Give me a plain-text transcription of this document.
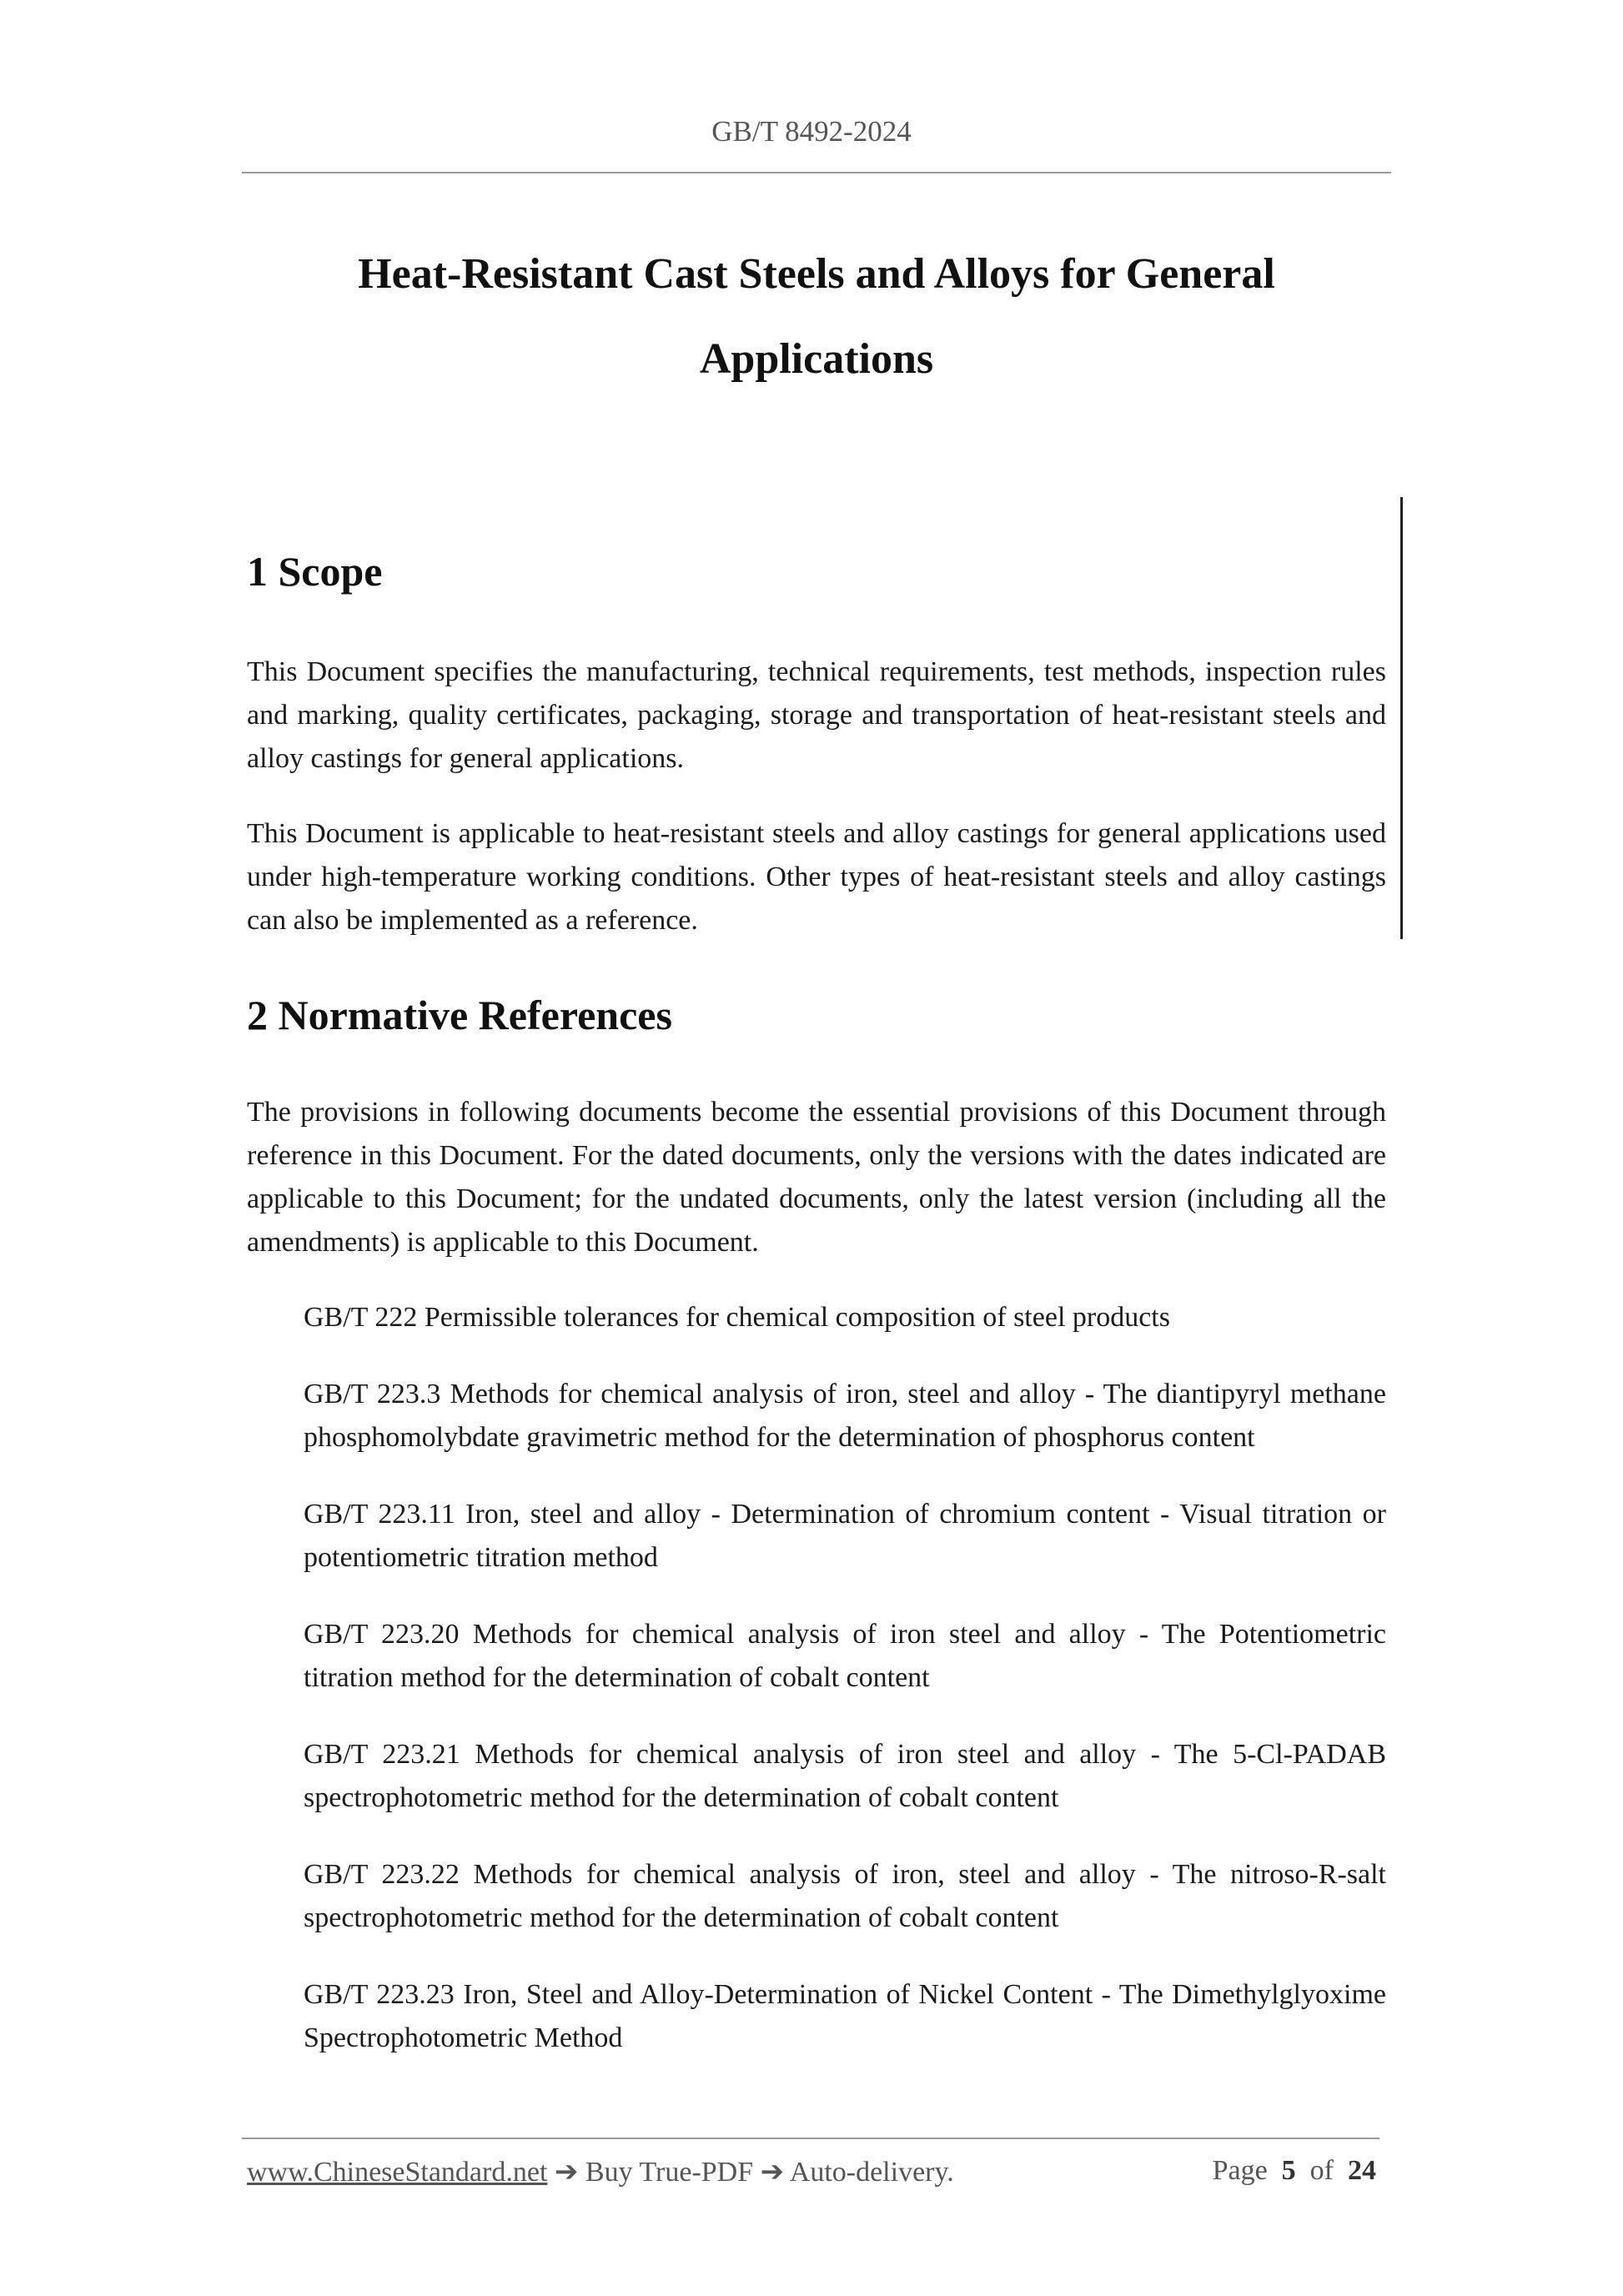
GB/T 8492-2024
Heat-Resistant Cast Steels and Alloys for General
Applications
1 Scope

This Document specifies the manufacturing, technical requirements, test methods, inspection rules and marking, quality certificates, packaging, storage and transportation of heat-resistant steels and alloy castings for general applications.

This Document is applicable to heat-resistant steels and alloy castings for general applications used under high-temperature working conditions. Other types of heat-resistant steels and alloy castings can also be implemented as a reference.

2 Normative References

The provisions in following documents become the essential provisions of this Document through reference in this Document. For the dated documents, only the versions with the dates indicated are applicable to this Document; for the undated documents, only the latest version (including all the amendments) is applicable to this Document.

GB/T 222 Permissible tolerances for chemical composition of steel products
GB/T 223.3 Methods for chemical analysis of iron, steel and alloy - The diantipyryl methane phosphomolybdate gravimetric method for the determination of phosphorus content
GB/T 223.11 Iron, steel and alloy - Determination of chromium content - Visual titration or potentiometric titration method
GB/T 223.20 Methods for chemical analysis of iron steel and alloy - The Potentiometric titration method for the determination of cobalt content
GB/T 223.21 Methods for chemical analysis of iron steel and alloy - The 5-Cl-PADAB spectrophotometric method for the determination of cobalt content
GB/T 223.22 Methods for chemical analysis of iron, steel and alloy - The nitroso-R-salt spectrophotometric method for the determination of cobalt content
GB/T 223.23 Iron, Steel and Alloy-Determination of Nickel Content - The Dimethylglyoxime Spectrophotometric Method
www.ChineseStandard.net ➔ Buy True-PDF ➔ Auto-delivery.	Page 5 of 24
